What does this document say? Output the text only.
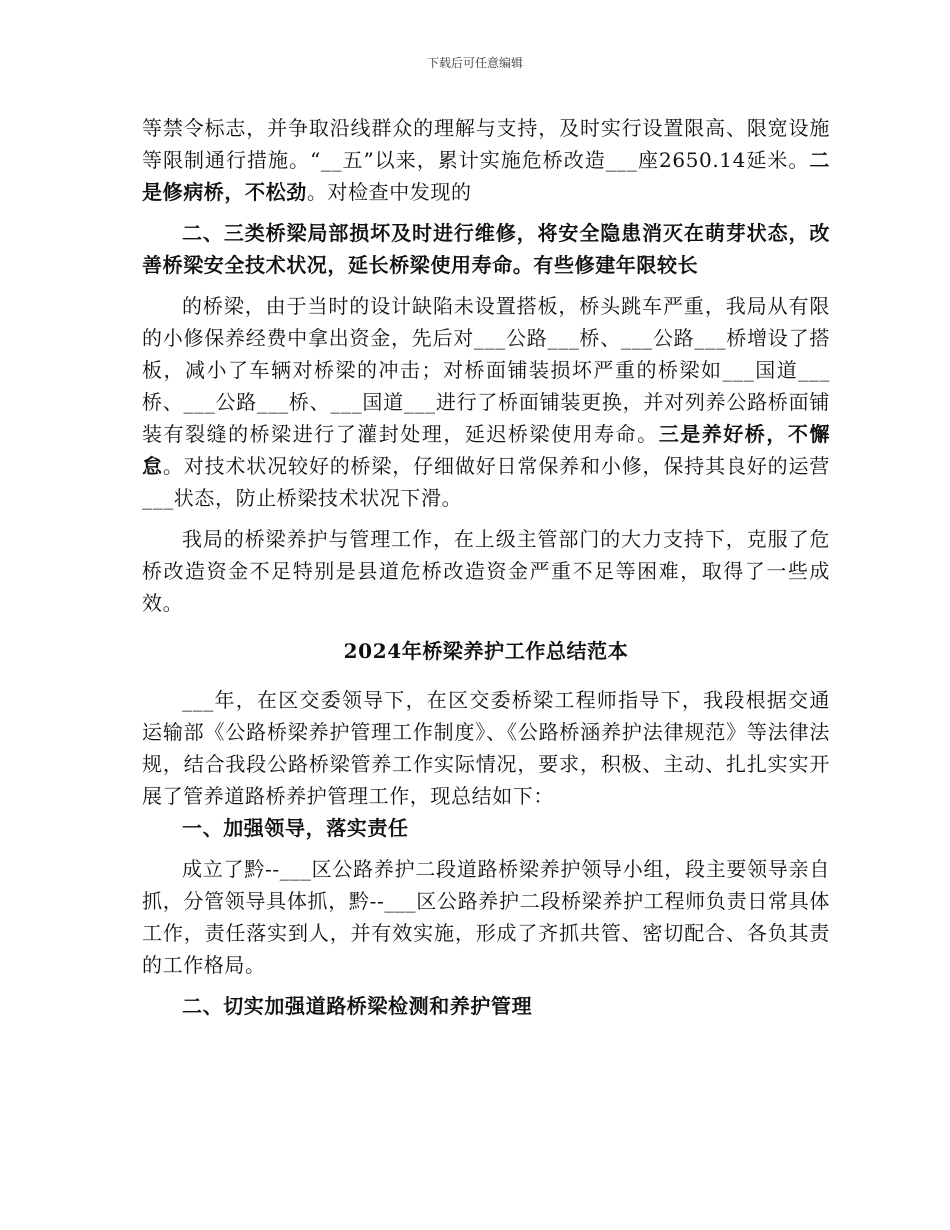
下载后可任意编辑

等禁令标志，并争取沿线群众的理解与支持，及时实行设置限高、限宽设施等限制通行措施。“__五”以来，累计实施危桥改造___座2650.14延米。二是修病桥，不松劲。对检查中发现的

二、三类桥梁局部损坏及时进行维修，将安全隐患消灭在萌芽状态，改善桥梁安全技术状况，延长桥梁使用寿命。有些修建年限较长

的桥梁，由于当时的设计缺陷未设置搭板，桥头跳车严重，我局从有限的小修保养经费中拿出资金，先后对___公路___桥、___公路___桥增设了搭板，减小了车辆对桥梁的冲击；对桥面铺装损坏严重的桥梁如___国道___桥、___公路___桥、___国道___进行了桥面铺装更换，并对列养公路桥面铺装有裂缝的桥梁进行了灌封处理，延迟桥梁使用寿命。三是养好桥，不懈怠。对技术状况较好的桥梁，仔细做好日常保养和小修，保持其良好的运营___状态，防止桥梁技术状况下滑。

我局的桥梁养护与管理工作，在上级主管部门的大力支持下，克服了危桥改造资金不足特别是县道危桥改造资金严重不足等困难，取得了一些成效。

2024年桥梁养护工作总结范本

___年，在区交委领导下，在区交委桥梁工程师指导下，我段根据交通运输部《公路桥梁养护管理工作制度》、《公路桥涵养护法律规范》等法律法规，结合我段公路桥梁管养工作实际情况，要求，积极、主动、扎扎实实开展了管养道路桥养护管理工作，现总结如下：

一、加强领导，落实责任

成立了黔--___区公路养护二段道路桥梁养护领导小组，段主要领导亲自抓，分管领导具体抓，黔--___区公路养护二段桥梁养护工程师负责日常具体工作，责任落实到人，并有效实施，形成了齐抓共管、密切配合、各负其责的工作格局。

二、切实加强道路桥梁检测和养护管理
